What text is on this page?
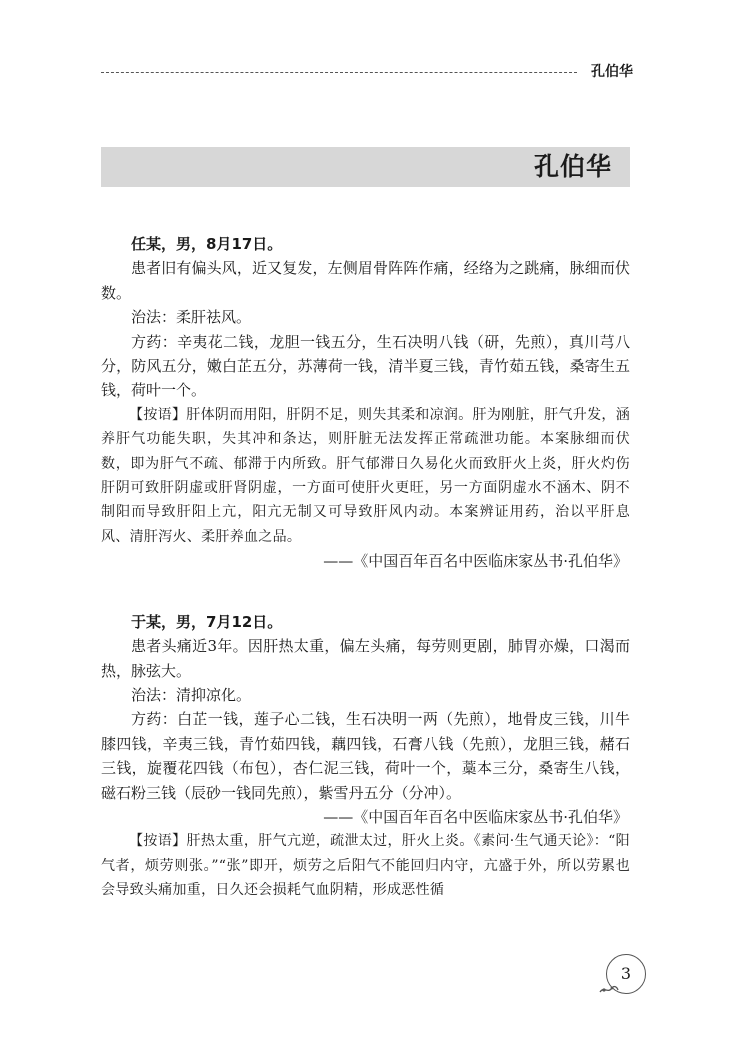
孔伯华
孔伯华

任某，男，8月17日。

患者旧有偏头风，近又复发，左侧眉骨阵阵作痛，经络为之跳痛，脉细而伏数。

治法：柔肝祛风。

方药：辛夷花二钱，龙胆一钱五分，生石决明八钱（研，先煎），真川芎八分，防风五分，嫩白芷五分，苏薄荷一钱，清半夏三钱，青竹茹五钱，桑寄生五钱，荷叶一个。

【按语】肝体阴而用阳，肝阴不足，则失其柔和凉润。肝为刚脏，肝气升发，涵养肝气功能失职，失其冲和条达，则肝脏无法发挥正常疏泄功能。本案脉细而伏数，即为肝气不疏、郁滞于内所致。肝气郁滞日久易化火而致肝火上炎，肝火灼伤肝阴可致肝阴虚或肝肾阴虚，一方面可使肝火更旺，另一方面阴虚水不涵木、阴不制阳而导致肝阳上亢，阳亢无制又可导致肝风内动。本案辨证用药，治以平肝息风、清肝泻火、柔肝养血之品。

——《中国百年百名中医临床家丛书·孔伯华》

于某，男，7月12日。

患者头痛近3年。因肝热太重，偏左头痛，每劳则更剧，肺胃亦燥，口渴而热，脉弦大。

治法：清抑凉化。

方药：白芷一钱，莲子心二钱，生石决明一两（先煎），地骨皮三钱，川牛膝四钱，辛夷三钱，青竹茹四钱，藕四钱，石膏八钱（先煎），龙胆三钱，赭石三钱，旋覆花四钱（布包），杏仁泥三钱，荷叶一个，藁本三分，桑寄生八钱，磁石粉三钱（辰砂一钱同先煎），紫雪丹五分（分冲）。

——《中国百年百名中医临床家丛书·孔伯华》

【按语】肝热太重，肝气亢逆，疏泄太过，肝火上炎。《素问·生气通天论》：“阳气者，烦劳则张。”“张”即开，烦劳之后阳气不能回归内守，亢盛于外，所以劳累也会导致头痛加重，日久还会损耗气血阴精，形成恶性循

3
